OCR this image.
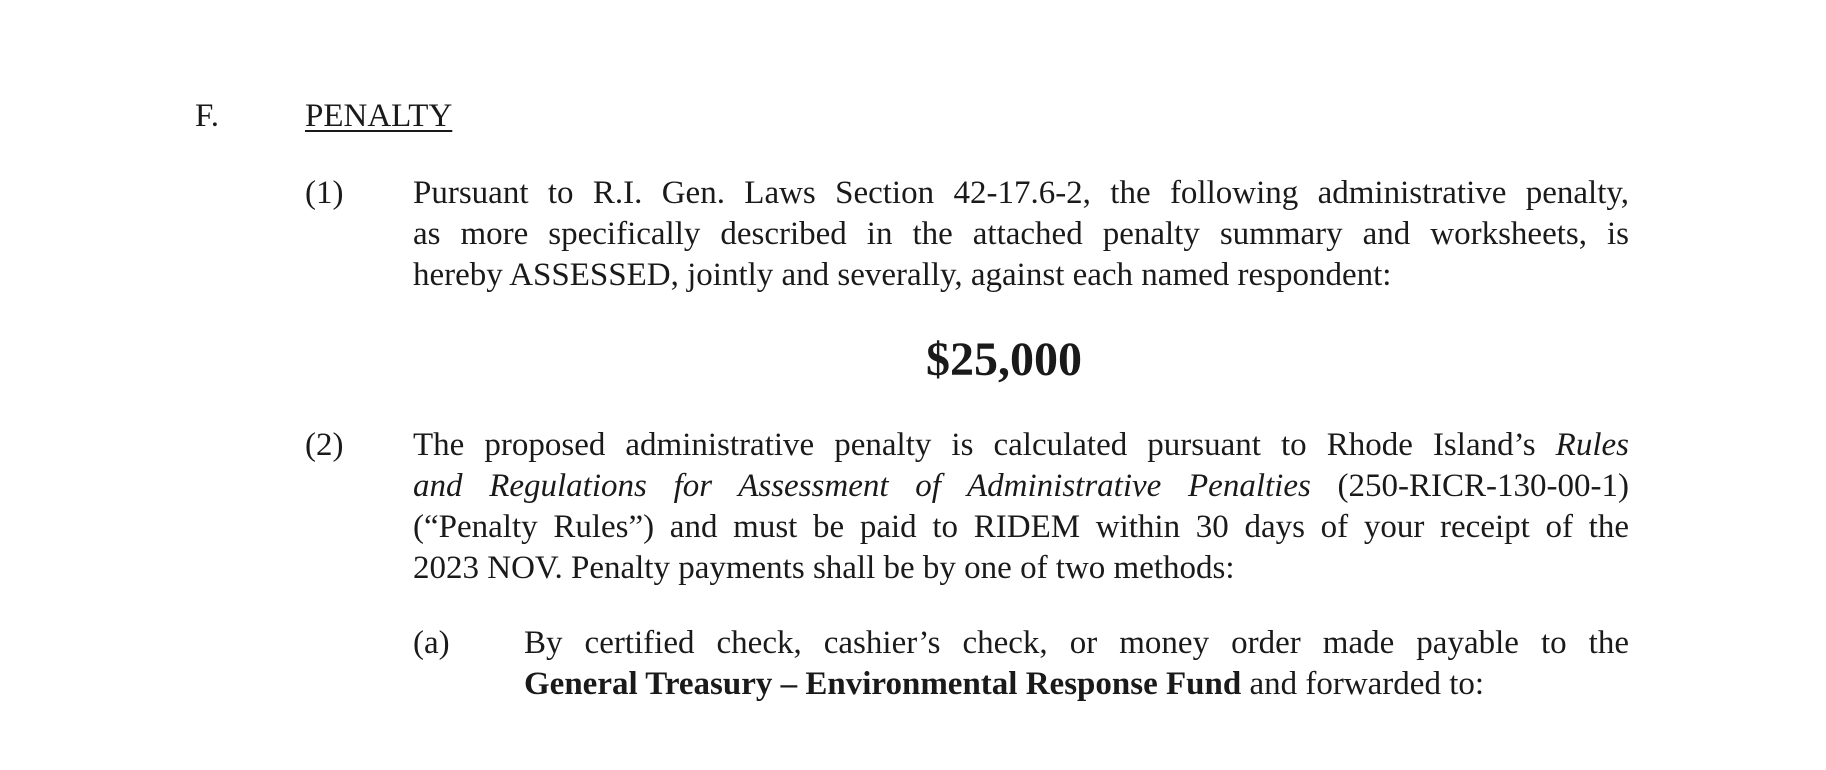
F.	PENALTY
(1) Pursuant to R.I. Gen. Laws Section 42-17.6-2, the following administrative penalty,
as more specifically described in the attached penalty summary and worksheets, is
hereby ASSESSED, jointly and severally, against each named respondent:
$25,000
(2) The proposed administrative penalty is calculated pursuant to Rhode Island’s Rules
and Regulations for Assessment of Administrative Penalties (250-RICR-130-00-1)
(“Penalty Rules”) and must be paid to RIDEM within 30 days of your receipt of the
2023 NOV. Penalty payments shall be by one of two methods:
(a) By certified check, cashier’s check, or money order made payable to the
General Treasury – Environmental Response Fund and forwarded to:
